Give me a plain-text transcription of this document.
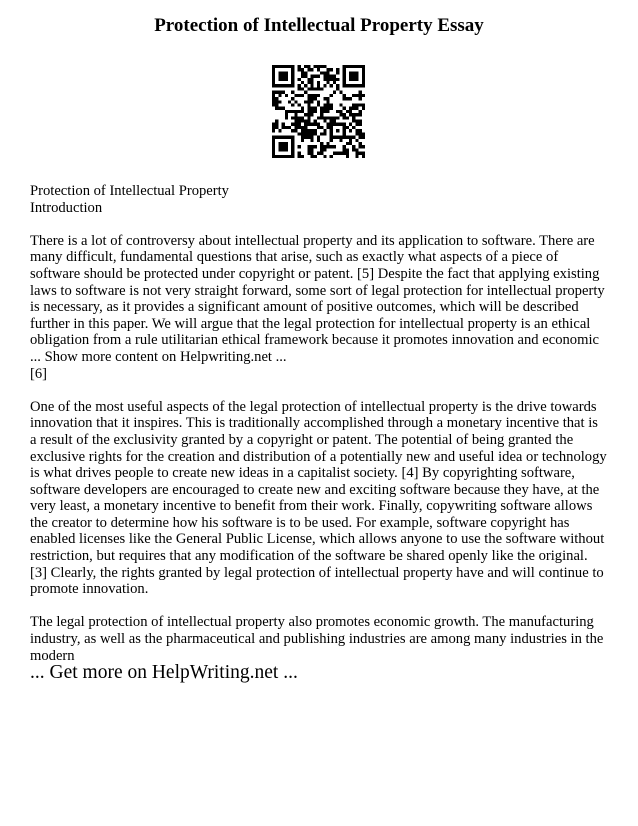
Protection of Intellectual Property Essay

Protection of Intellectual Property
Introduction

There is a lot of controversy about intellectual property and its application to software. There are many difficult, fundamental questions that arise, such as exactly what aspects of a piece of software should be protected under copyright or patent. [5] Despite the fact that applying existing laws to software is not very straight forward, some sort of legal protection for intellectual property is necessary, as it provides a significant amount of positive outcomes, which will be described further in this paper. We will argue that the legal protection for intellectual property is an ethical obligation from a rule utilitarian ethical framework because it promotes innovation and economic ... Show more content on Helpwriting.net ...
[6]

One of the most useful aspects of the legal protection of intellectual property is the drive towards innovation that it inspires. This is traditionally accomplished through a monetary incentive that is a result of the exclusivity granted by a copyright or patent. The potential of being granted the exclusive rights for the creation and distribution of a potentially new and useful idea or technology is what drives people to create new ideas in a capitalist society. [4] By copyrighting software, software developers are encouraged to create new and exciting software because they have, at the very least, a monetary incentive to benefit from their work. Finally, copywriting software allows the creator to determine how his software is to be used. For example, software copyright has enabled licenses like the General Public License, which allows anyone to use the software without restriction, but requires that any modification of the software be shared openly like the original. [3] Clearly, the rights granted by legal protection of intellectual property have and will continue to promote innovation.

The legal protection of intellectual property also promotes economic growth. The manufacturing industry, as well as the pharmaceutical and publishing industries are among many industries in the modern

... Get more on HelpWriting.net ...
